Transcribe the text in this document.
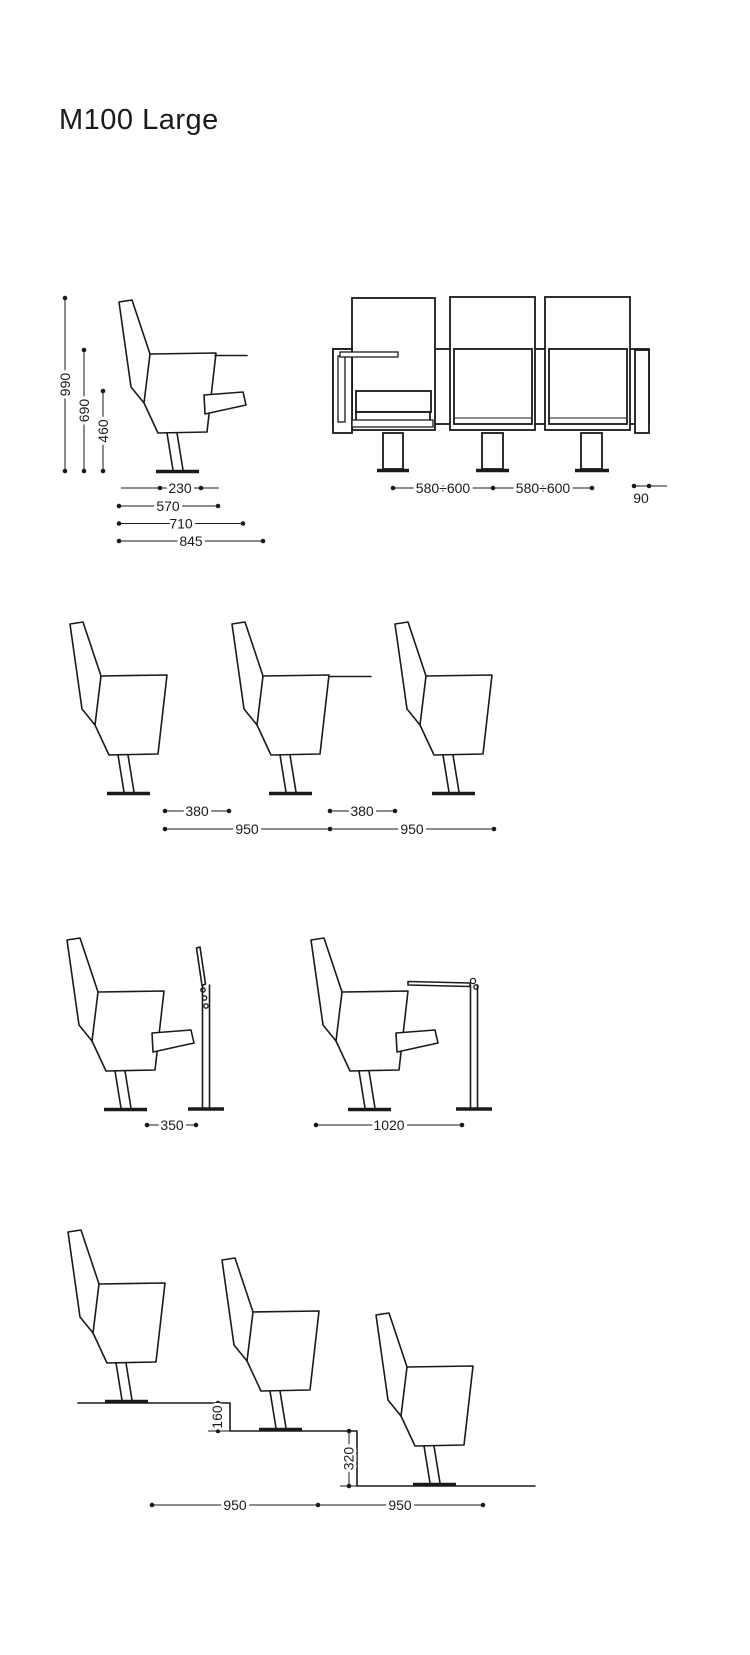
M100 Large
990
690
460
230
570
710
845
580÷600	580÷600
90
380	380
950	950
350	1020
160
320
950	950
